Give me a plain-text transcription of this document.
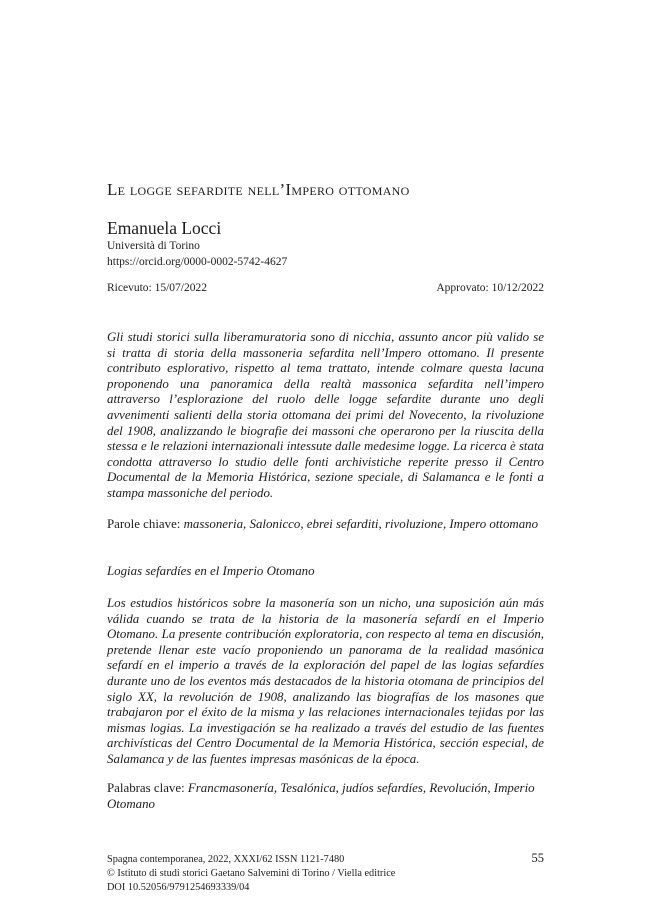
Le logge sefardite nell’Impero ottomano
Emanuela Locci
Università di Torino
https://orcid.org/0000-0002-5742-4627
Ricevuto: 15/07/2022	Approvato: 10/12/2022

Gli studi storici sulla liberamuratoria sono di nicchia, assunto ancor più valido se si tratta di storia della massoneria sefardita nell’Impero ottomano. Il presente contributo esplorativo, rispetto al tema trattato, intende colmare questa lacuna proponendo una panoramica della realtà massonica sefardita nell’impero attraverso l’esplorazione del ruolo delle logge sefardite durante uno degli avvenimenti salienti della storia ottomana dei primi del Novecento, la rivoluzione del 1908, analizzando le biografie dei massoni che operarono per la riuscita della stessa e le relazioni internazionali intessute dalle medesime logge. La ricerca è stata condotta attraverso lo studio delle fonti archivistiche reperite presso il Centro Documental de la Memoria Histórica, sezione speciale, di Salamanca e le fonti a stampa massoniche del periodo.

Parole chiave: massoneria, Salonicco, ebrei sefarditi, rivoluzione, Impero ottomano

Logias sefardíes en el Imperio Otomano

Los estudios históricos sobre la masonería son un nicho, una suposición aún más válida cuando se trata de la historia de la masonería sefardí en el Imperio Otomano. La presente contribución exploratoria, con respecto al tema en discusión, pretende llenar este vacío proponiendo un panorama de la realidad masónica sefardí en el imperio a través de la exploración del papel de las logias sefardíes durante uno de los eventos más destacados de la historia otomana de principios del siglo XX, la revolución de 1908, analizando las biografías de los masones que trabajaron por el éxito de la misma y las relaciones internacionales tejidas por las mismas logias. La investigación se ha realizado a través del estudio de las fuentes archivísticas del Centro Documental de la Memoria Histórica, sección especial, de Salamanca y de las fuentes impresas masónicas de la época.

Palabras clave: Francmasonería, Tesalónica, judíos sefardíes, Revolución, Imperio Otomano

Spagna contemporanea, 2022, XXXI/62 ISSN 1121-7480
© Istituto di studi storici Gaetano Salvemini di Torino / Viella editrice
DOI 10.52056/9791254693339/04
55
